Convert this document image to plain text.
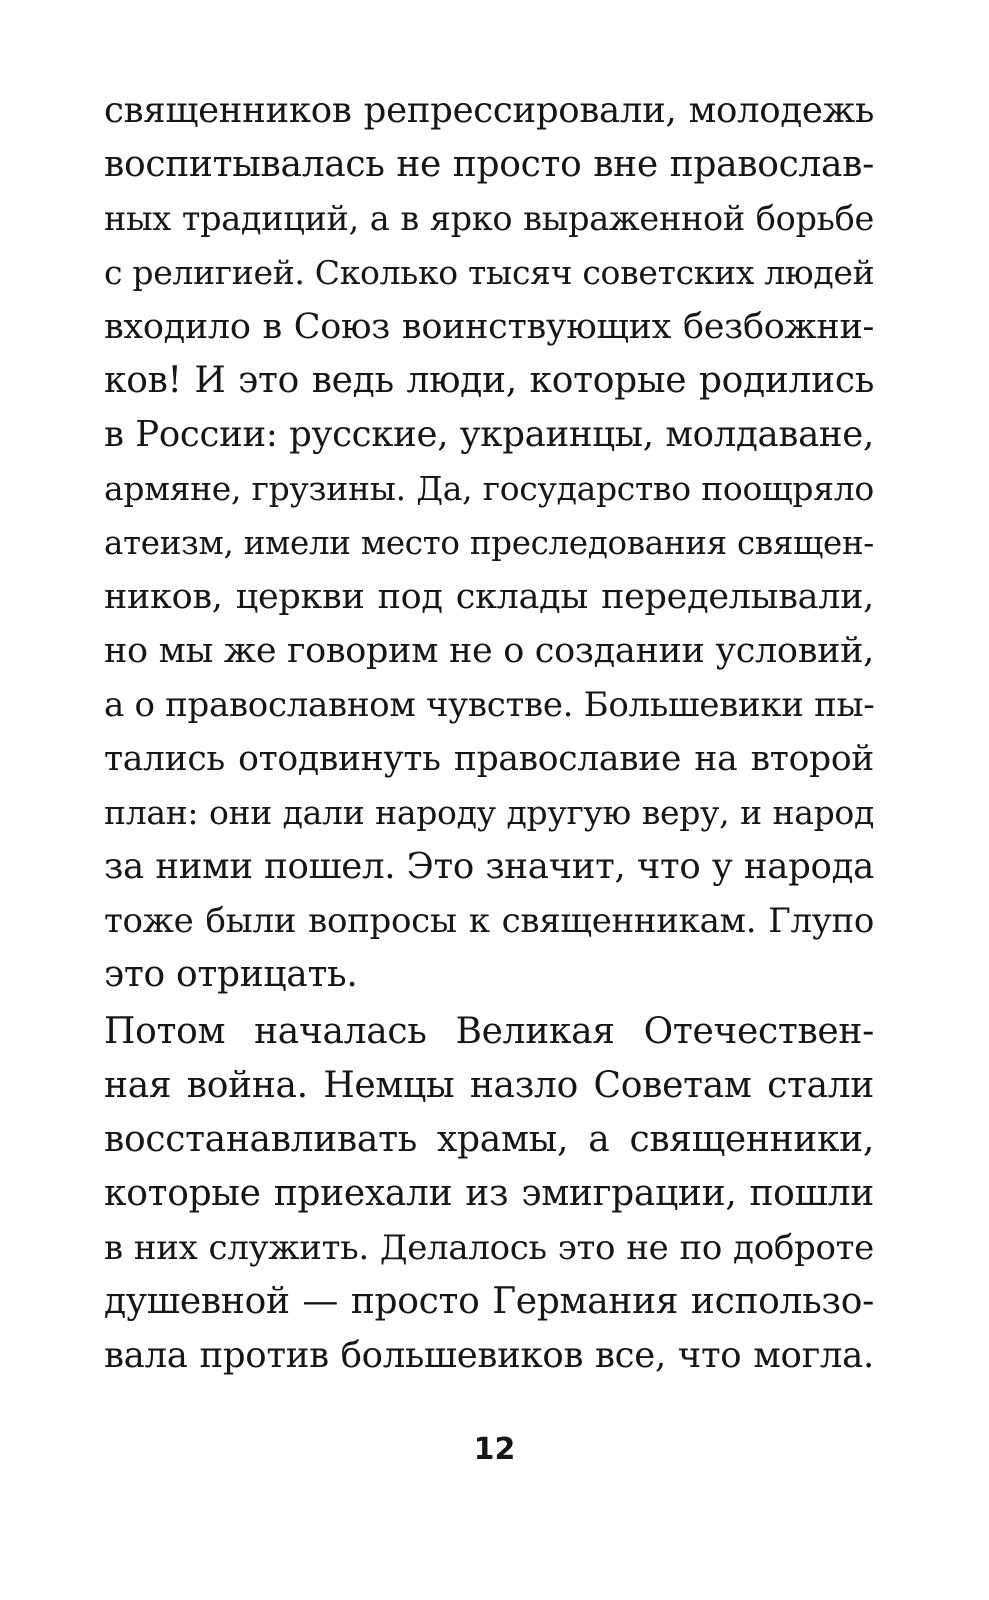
священников репрессировали, молодежь
воспитывалась не просто вне православ-
ных традиций, а в ярко выраженной борьбе
с религией. Сколько тысяч советских людей
входило в Союз воинствующих безбожни-
ков! И это ведь люди, которые родились
в России: русские, украинцы, молдаване,
армяне, грузины. Да, государство поощряло
атеизм, имели место преследования священ-
ников, церкви под склады переделывали,
но мы же говорим не о создании условий,
а о православном чувстве. Большевики пы-
тались отодвинуть православие на второй
план: они дали народу другую веру, и народ
за ними пошел. Это значит, что у народа
тоже были вопросы к священникам. Глупо
это отрицать.
Потом началась Великая Отечествен-
ная война. Немцы назло Советам стали
восстанавливать храмы, а священники,
которые приехали из эмиграции, пошли
в них служить. Делалось это не по доброте
душевной — просто Германия использо-
вала против большевиков все, что могла.
12
